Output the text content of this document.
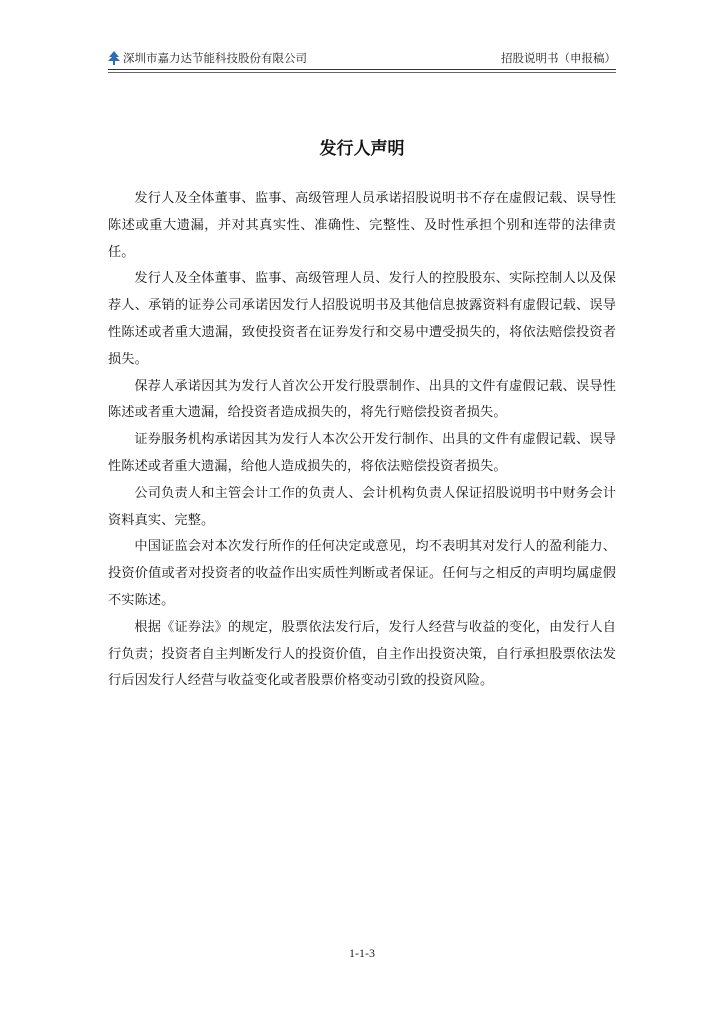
深圳市嘉力达节能科技股份有限公司	招股说明书（申报稿）
发行人声明

发行人及全体董事、监事、高级管理人员承诺招股说明书不存在虚假记载、误导性陈述或重大遗漏，并对其真实性、准确性、完整性、及时性承担个别和连带的法律责任。

发行人及全体董事、监事、高级管理人员、发行人的控股股东、实际控制人以及保荐人、承销的证券公司承诺因发行人招股说明书及其他信息披露资料有虚假记载、误导性陈述或者重大遗漏，致使投资者在证券发行和交易中遭受损失的，将依法赔偿投资者损失。

保荐人承诺因其为发行人首次公开发行股票制作、出具的文件有虚假记载、误导性陈述或者重大遗漏，给投资者造成损失的，将先行赔偿投资者损失。

证券服务机构承诺因其为发行人本次公开发行制作、出具的文件有虚假记载、误导性陈述或者重大遗漏，给他人造成损失的，将依法赔偿投资者损失。

公司负责人和主管会计工作的负责人、会计机构负责人保证招股说明书中财务会计资料真实、完整。

中国证监会对本次发行所作的任何决定或意见，均不表明其对发行人的盈利能力、投资价值或者对投资者的收益作出实质性判断或者保证。任何与之相反的声明均属虚假不实陈述。

根据《证券法》的规定，股票依法发行后，发行人经营与收益的变化，由发行人自行负责；投资者自主判断发行人的投资价值，自主作出投资决策，自行承担股票依法发行后因发行人经营与收益变化或者股票价格变动引致的投资风险。

1-1-3
